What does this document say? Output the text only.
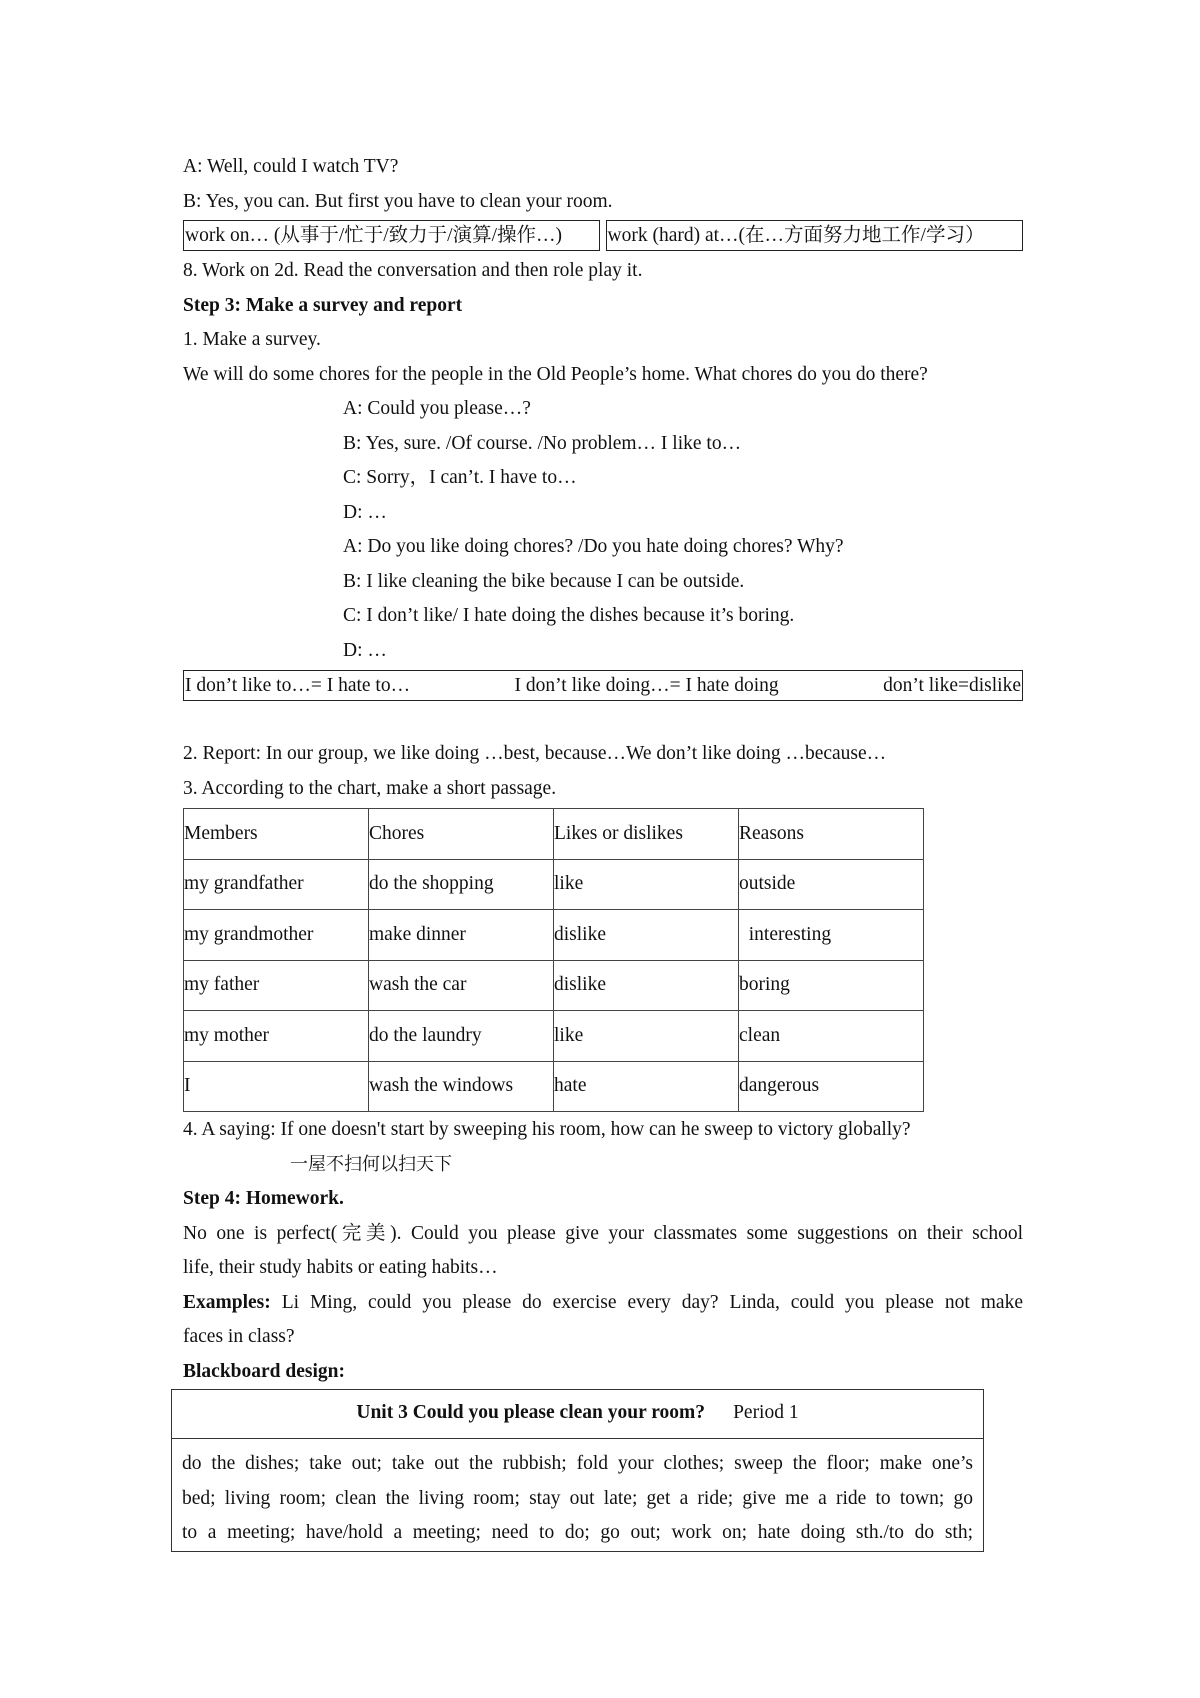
A: Well, could I watch TV?
B: Yes, you can. But first you have to clean your room.
work on… (从事于/忙于/致力于/演算/操作…)	work (hard) at…(在…方面努力地工作/学习）
8. Work on 2d. Read the conversation and then role play it.
Step 3: Make a survey and report
1. Make a survey.
We will do some chores for the people in the Old People’s home. What chores do you do there?
A: Could you please…?
B: Yes, sure. /Of course. /No problem… I like to…
C: Sorry，I can’t. I have to…
D: …
A: Do you like doing chores? /Do you hate doing chores? Why?
B: I like cleaning the bike because I can be outside.
C: I don’t like/ I hate doing the dishes because it’s boring.
D: …
I don’t like to…= I hate to…	I don’t like doing…= I hate doing	don’t like=dislike
2. Report: In our group, we like doing …best, because…We don’t like doing …because…
3. According to the chart, make a short passage.
Members	Chores	Likes or dislikes	Reasons
my grandfather	do the shopping	like	outside
my grandmother	make dinner	dislike	interesting
my father	wash the car	dislike	boring
my mother	do the laundry	like	clean
I	wash the windows	hate	dangerous
4. A saying: If one doesn't start by sweeping his room, how can he sweep to victory globally?
一屋不扫何以扫天下
Step 4: Homework.
No one is perfect(完美). Could you please give your classmates some suggestions on their school
life, their study habits or eating habits…
Examples: Li Ming, could you please do exercise every day? Linda, could you please not make
faces in class?
Blackboard design:
Unit 3 Could you please clean your room? Period 1
do the dishes; take out; take out the rubbish; fold your clothes; sweep the floor; make one’s
bed; living room; clean the living room; stay out late; get a ride; give me a ride to town; go
to a meeting; have/hold a meeting; need to do; go out; work on; hate doing sth./to do sth;
